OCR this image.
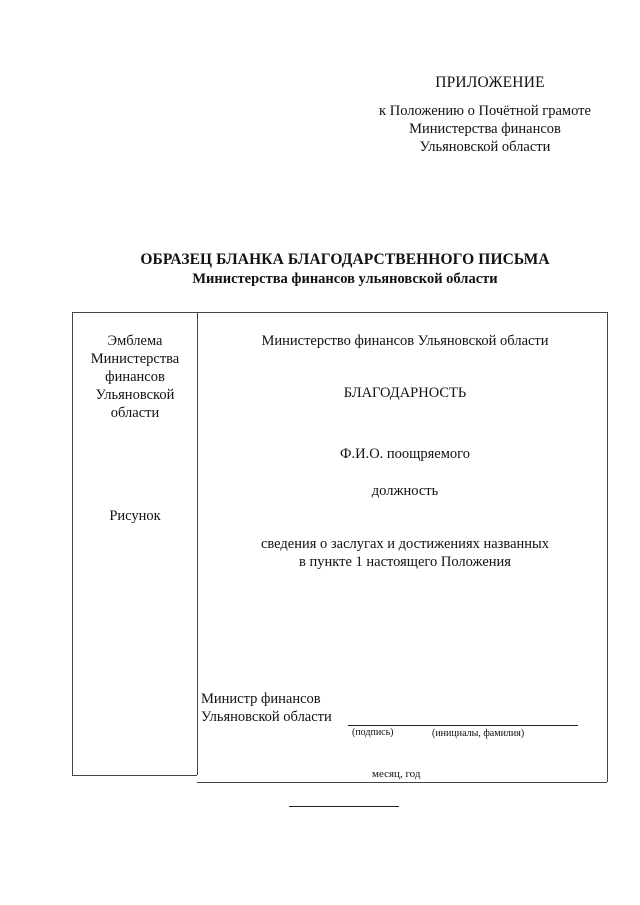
ПРИЛОЖЕНИЕ
к Положению о Почётной грамоте
Министерства финансов
Ульяновской области
ОБРАЗЕЦ БЛАНКА БЛАГОДАРСТВЕННОГО ПИСЬМА
Министерства финансов ульяновской области
Эмблема
Министерства
финансов
Ульяновской
области
Рисунок
Министерство финансов Ульяновской области
БЛАГОДАРНОСТЬ
Ф.И.О. поощряемого
должность
сведения о заслугах и достижениях названных
в пункте 1 настоящего Положения
Министр финансов
Ульяновской области
(подпись)	(инициалы, фамилия)
месяц, год
